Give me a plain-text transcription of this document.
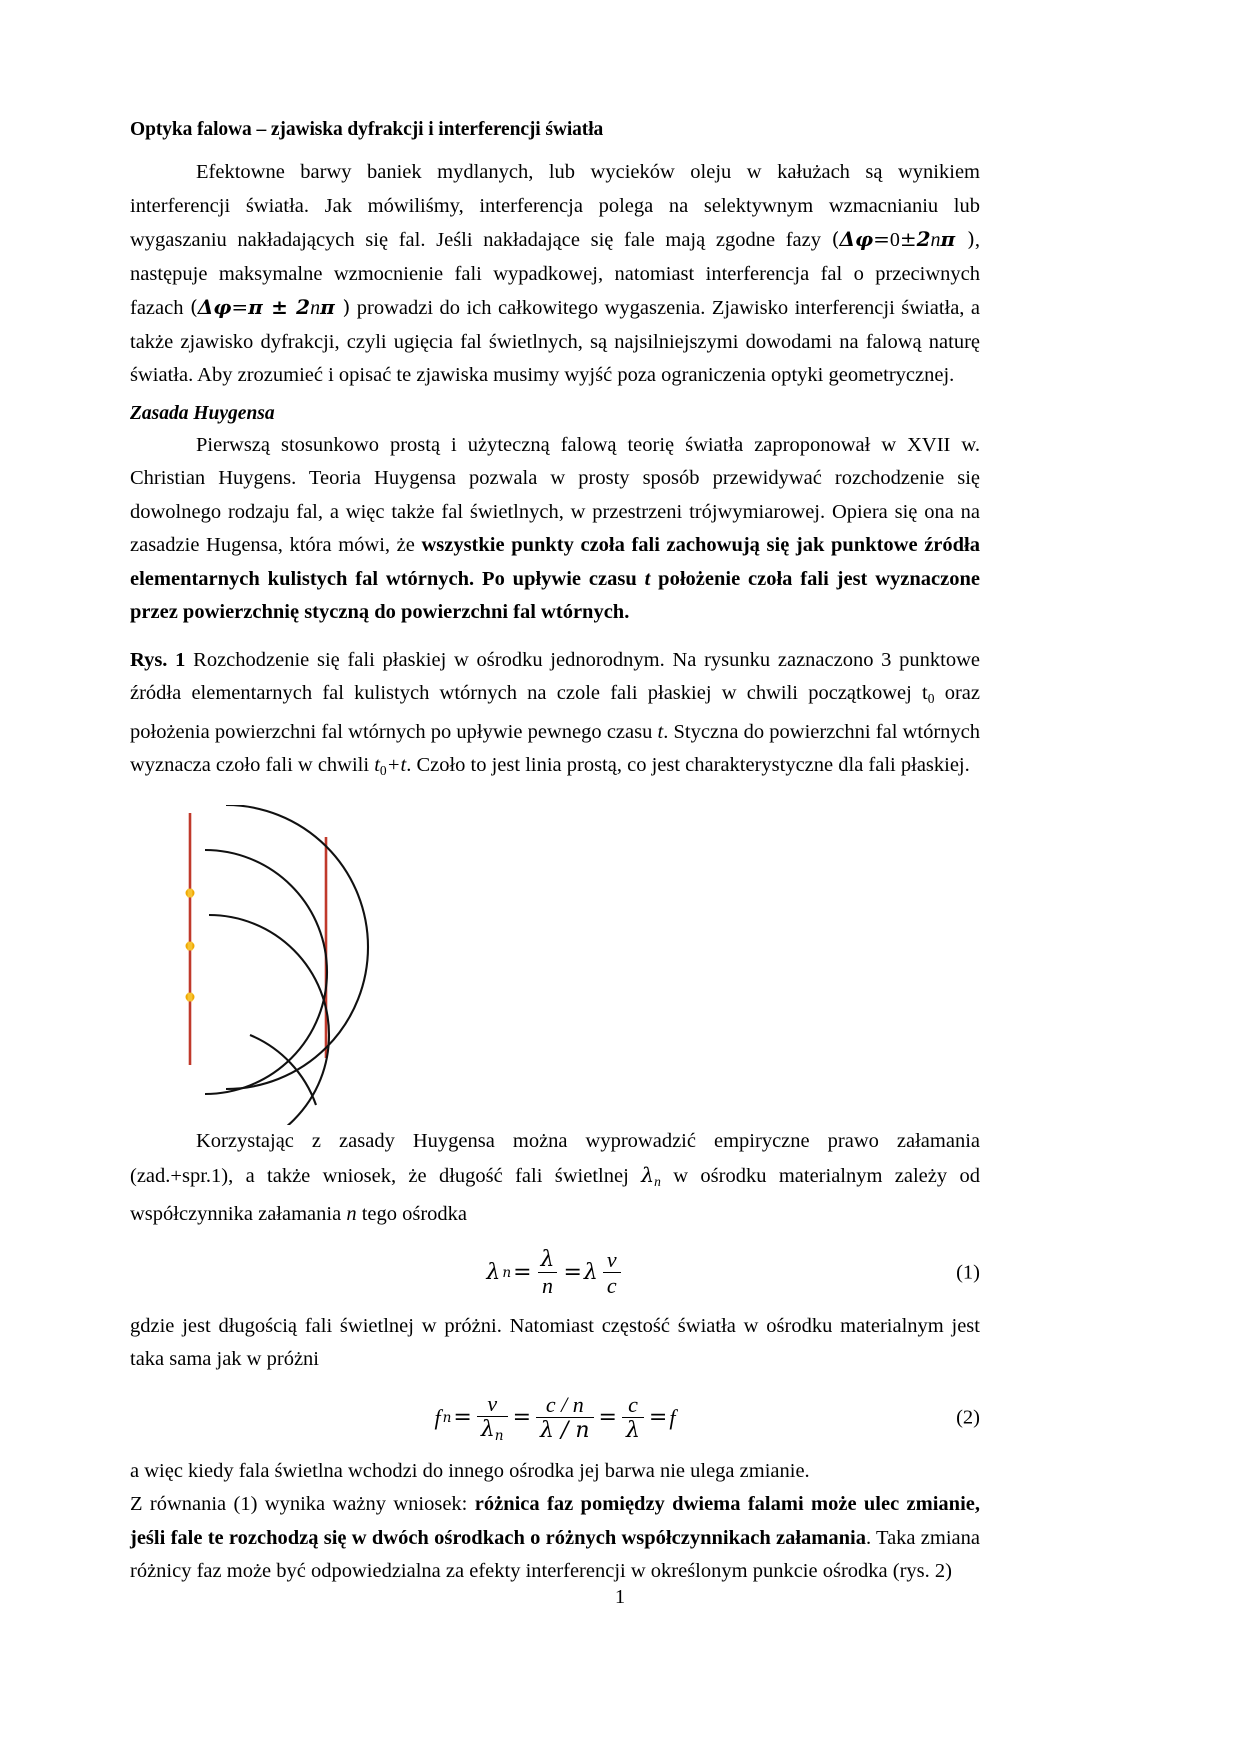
Optyka falowa – zjawiska dyfrakcji i interferencji światła

Efektowne barwy baniek mydlanych, lub wycieków oleju w kałużach są wynikiem interferencji światła. Jak mówiliśmy, interferencja polega na selektywnym wzmacnianiu lub wygaszaniu nakładających się fal. Jeśli nakładające się fale mają zgodne fazy (Δφ=0±2nπ ), następuje maksymalne wzmocnienie fali wypadkowej, natomiast interferencja fal o przeciwnych fazach (Δφ=π ± 2nπ ) prowadzi do ich całkowitego wygaszenia. Zjawisko interferencji światła, a także zjawisko dyfrakcji, czyli ugięcia fal świetlnych, są najsilniejszymi dowodami na falową naturę światła. Aby zrozumieć i opisać te zjawiska musimy wyjść poza ograniczenia optyki geometrycznej.

Zasada Huygensa

Pierwszą stosunkowo prostą i użyteczną falową teorię światła zaproponował w XVII w. Christian Huygens. Teoria Huygensa pozwala w prosty sposób przewidywać rozchodzenie się dowolnego rodzaju fal, a więc także fal świetlnych, w przestrzeni trójwymiarowej. Opiera się ona na zasadzie Hugensa, która mówi, że wszystkie punkty czoła fali zachowują się jak punktowe źródła elementarnych kulistych fal wtórnych. Po upływie czasu t położenie czoła fali jest wyznaczone przez powierzchnię styczną do powierzchni fal wtórnych.

Rys. 1 Rozchodzenie się fali płaskiej w ośrodku jednorodnym. Na rysunku zaznaczono 3 punktowe źródła elementarnych fal kulistych wtórnych na czole fali płaskiej w chwili początkowej $t_0$ oraz położenia powierzchni fal wtórnych po upływie pewnego czasu t. Styczna do powierzchni fal wtórnych wyznacza czoło fali w chwili $t_0+t$. Czoło to jest linia prostą, co jest charakterystyczne dla fali płaskiej.

Korzystając z zasady Huygensa można wyprowadzić empiryczne prawo załamania (zad.+spr.1), a także wniosek, że długość fali świetlnej $\lambda_n$ w ośrodku materialnym zależy od współczynnika załamania n tego ośrodka

λ $n = \frac{\lambda}{n} = \lambda \frac{v}{c}$	(1)

gdzie jest długością fali świetlnej w próżni. Natomiast częstość światła w ośrodku materialnym jest taka sama jak w próżni

f $n = \frac{v}{\lambda n} = \frac{c / n}{\lambda / n} = \frac{c}{\lambda} = f$	(2)

a więc kiedy fala świetlna wchodzi do innego ośrodka jej barwa nie ulega zmianie.

Z równania (1) wynika ważny wniosek: różnica faz pomiędzy dwiema falami może ulec zmianie, jeśli fale te rozchodzą się w dwóch ośrodkach o różnych współczynnikach załamania. Taka zmiana różnicy faz może być odpowiedzialna za efekty interferencji w określonym punkcie ośrodka (rys. 2)

1
